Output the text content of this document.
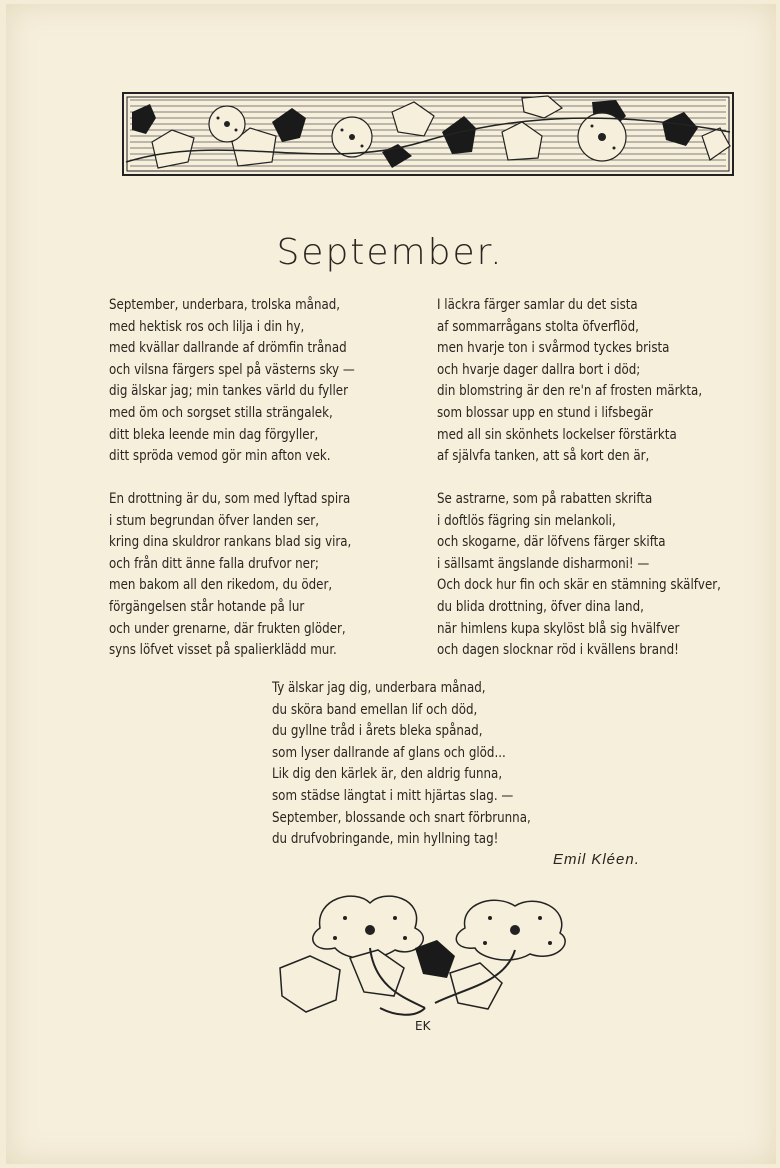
September.
September, underbara, trolska månad,
med hektisk ros och lilja i din hy,
med kvällar dallrande af drömfin trånad
och vilsna färgers spel på västerns sky —
dig älskar jag; min tankes värld du fyller
med öm och sorgset stilla strängalek,
ditt bleka leende min dag förgyller,
ditt spröda vemod gör min afton vek.
I läckra färger samlar du det sista
af sommarrågans stolta öfverflöd,
men hvarje ton i svårmod tyckes brista
och hvarje dager dallra bort i död;
din blomstring är den re'n af frosten märkta,
som blossar upp en stund i lifsbegär
med all sin skönhets lockelser förstärkta
af självfa tanken, att så kort den är,
En drottning är du, som med lyftad spira
i stum begrundan öfver landen ser,
kring dina skuldror rankans blad sig vira,
och från ditt änne falla drufvor ner;
men bakom all den rikedom, du öder,
förgängelsen står hotande på lur
och under grenarne, där frukten glöder,
syns löfvet visset på spalierklädd mur.
Se astrarne, som på rabatten skrifta
i doftlös fägring sin melankoli,
och skogarne, där löfvens färger skifta
i sällsamt ängslande disharmoni! —
Och dock hur fin och skär en stämning skälfver,
du blida drottning, öfver dina land,
när himlens kupa skylöst blå sig hvälfver
och dagen slocknar röd i kvällens brand!
Ty älskar jag dig, underbara månad,
du sköra band emellan lif och död,
du gyllne tråd i årets bleka spånad,
som lyser dallrande af glans och glöd...
Lik dig den kärlek är, den aldrig funna,
som städse längtat i mitt hjärtas slag. —
September, blossande och snart förbrunna,
du drufvobringande, min hyllning tag!
Emil Kléen.
EK
